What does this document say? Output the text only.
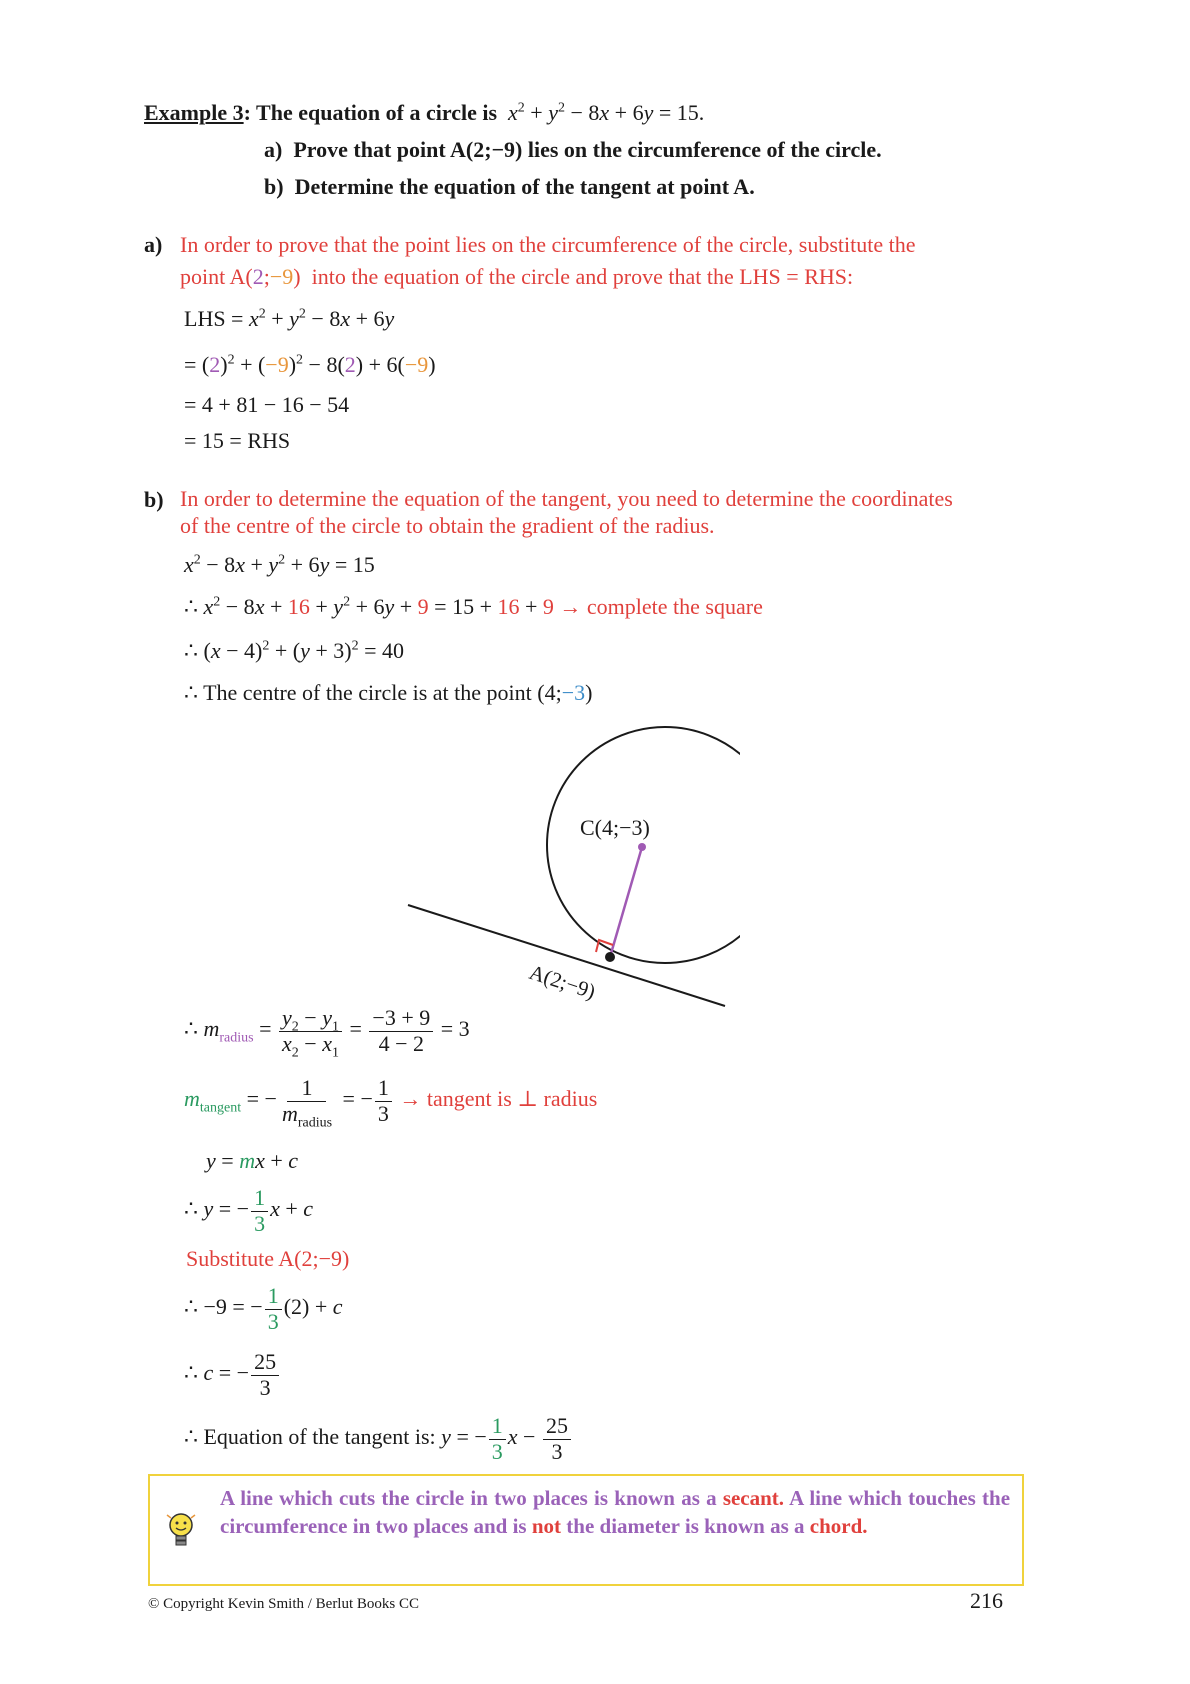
Example 3: The equation of a circle is $x^2 + y^2 - 8x + 6y = 15$.
a) Prove that point A(2;−9) lies on the circumference of the circle.
b) Determine the equation of the tangent at point A.
a) In order to prove that the point lies on the circumference of the circle, substitute the
point A(2;−9)  into the equation of the circle and prove that the LHS = RHS:
LHS = $x^2 + y^2 - 8x + 6y$
= $(2)^2 + (-9)^2 - 8(2) + 6(-9)$
= 4 + 81 − 16 − 54
= 15 = RHS
b) In order to determine the equation of the tangent, you need to determine the coordinates
of the centre of the circle to obtain the gradient of the radius.
$x^2 - 8x + y^2 + 6y = 15$
∴ $x^2 - 8x + 16 + y^2 + 6y + 9 = 15 + 16 + 9$ → complete the square
∴ $(x - 4)^2 + (y + 3)^2 = 40$
∴ The centre of the circle is at the point (4;−3)
C(4;−3)
A(2;−9)
∴ $m_{radius} = \frac{y_2 - y_1}{x_2 - x_1} = \frac{-3 + 9}{4 - 2} = 3$
$m_{tangent}$ = − $\frac{1}{m_{radius}}$ = − $\frac{1}{3}$ → tangent is ⊥ radius
y = mx + c
∴ y = − $\frac{1}{3}$ x + c
Substitute A(2;−9)
∴ −9 = − $\frac{1}{3} (2) + c$
∴ c = − $\frac{25}{3}$
∴ Equation of the tangent is: y = − $\frac{1}{3}$ $x - \frac{25}{3}$
A line which cuts the circle in two places is known as a secant. A line which touches the circumference in two places and is not the diameter is known as a chord.
© Copyright Kevin Smith / Berlut Books CC	216
